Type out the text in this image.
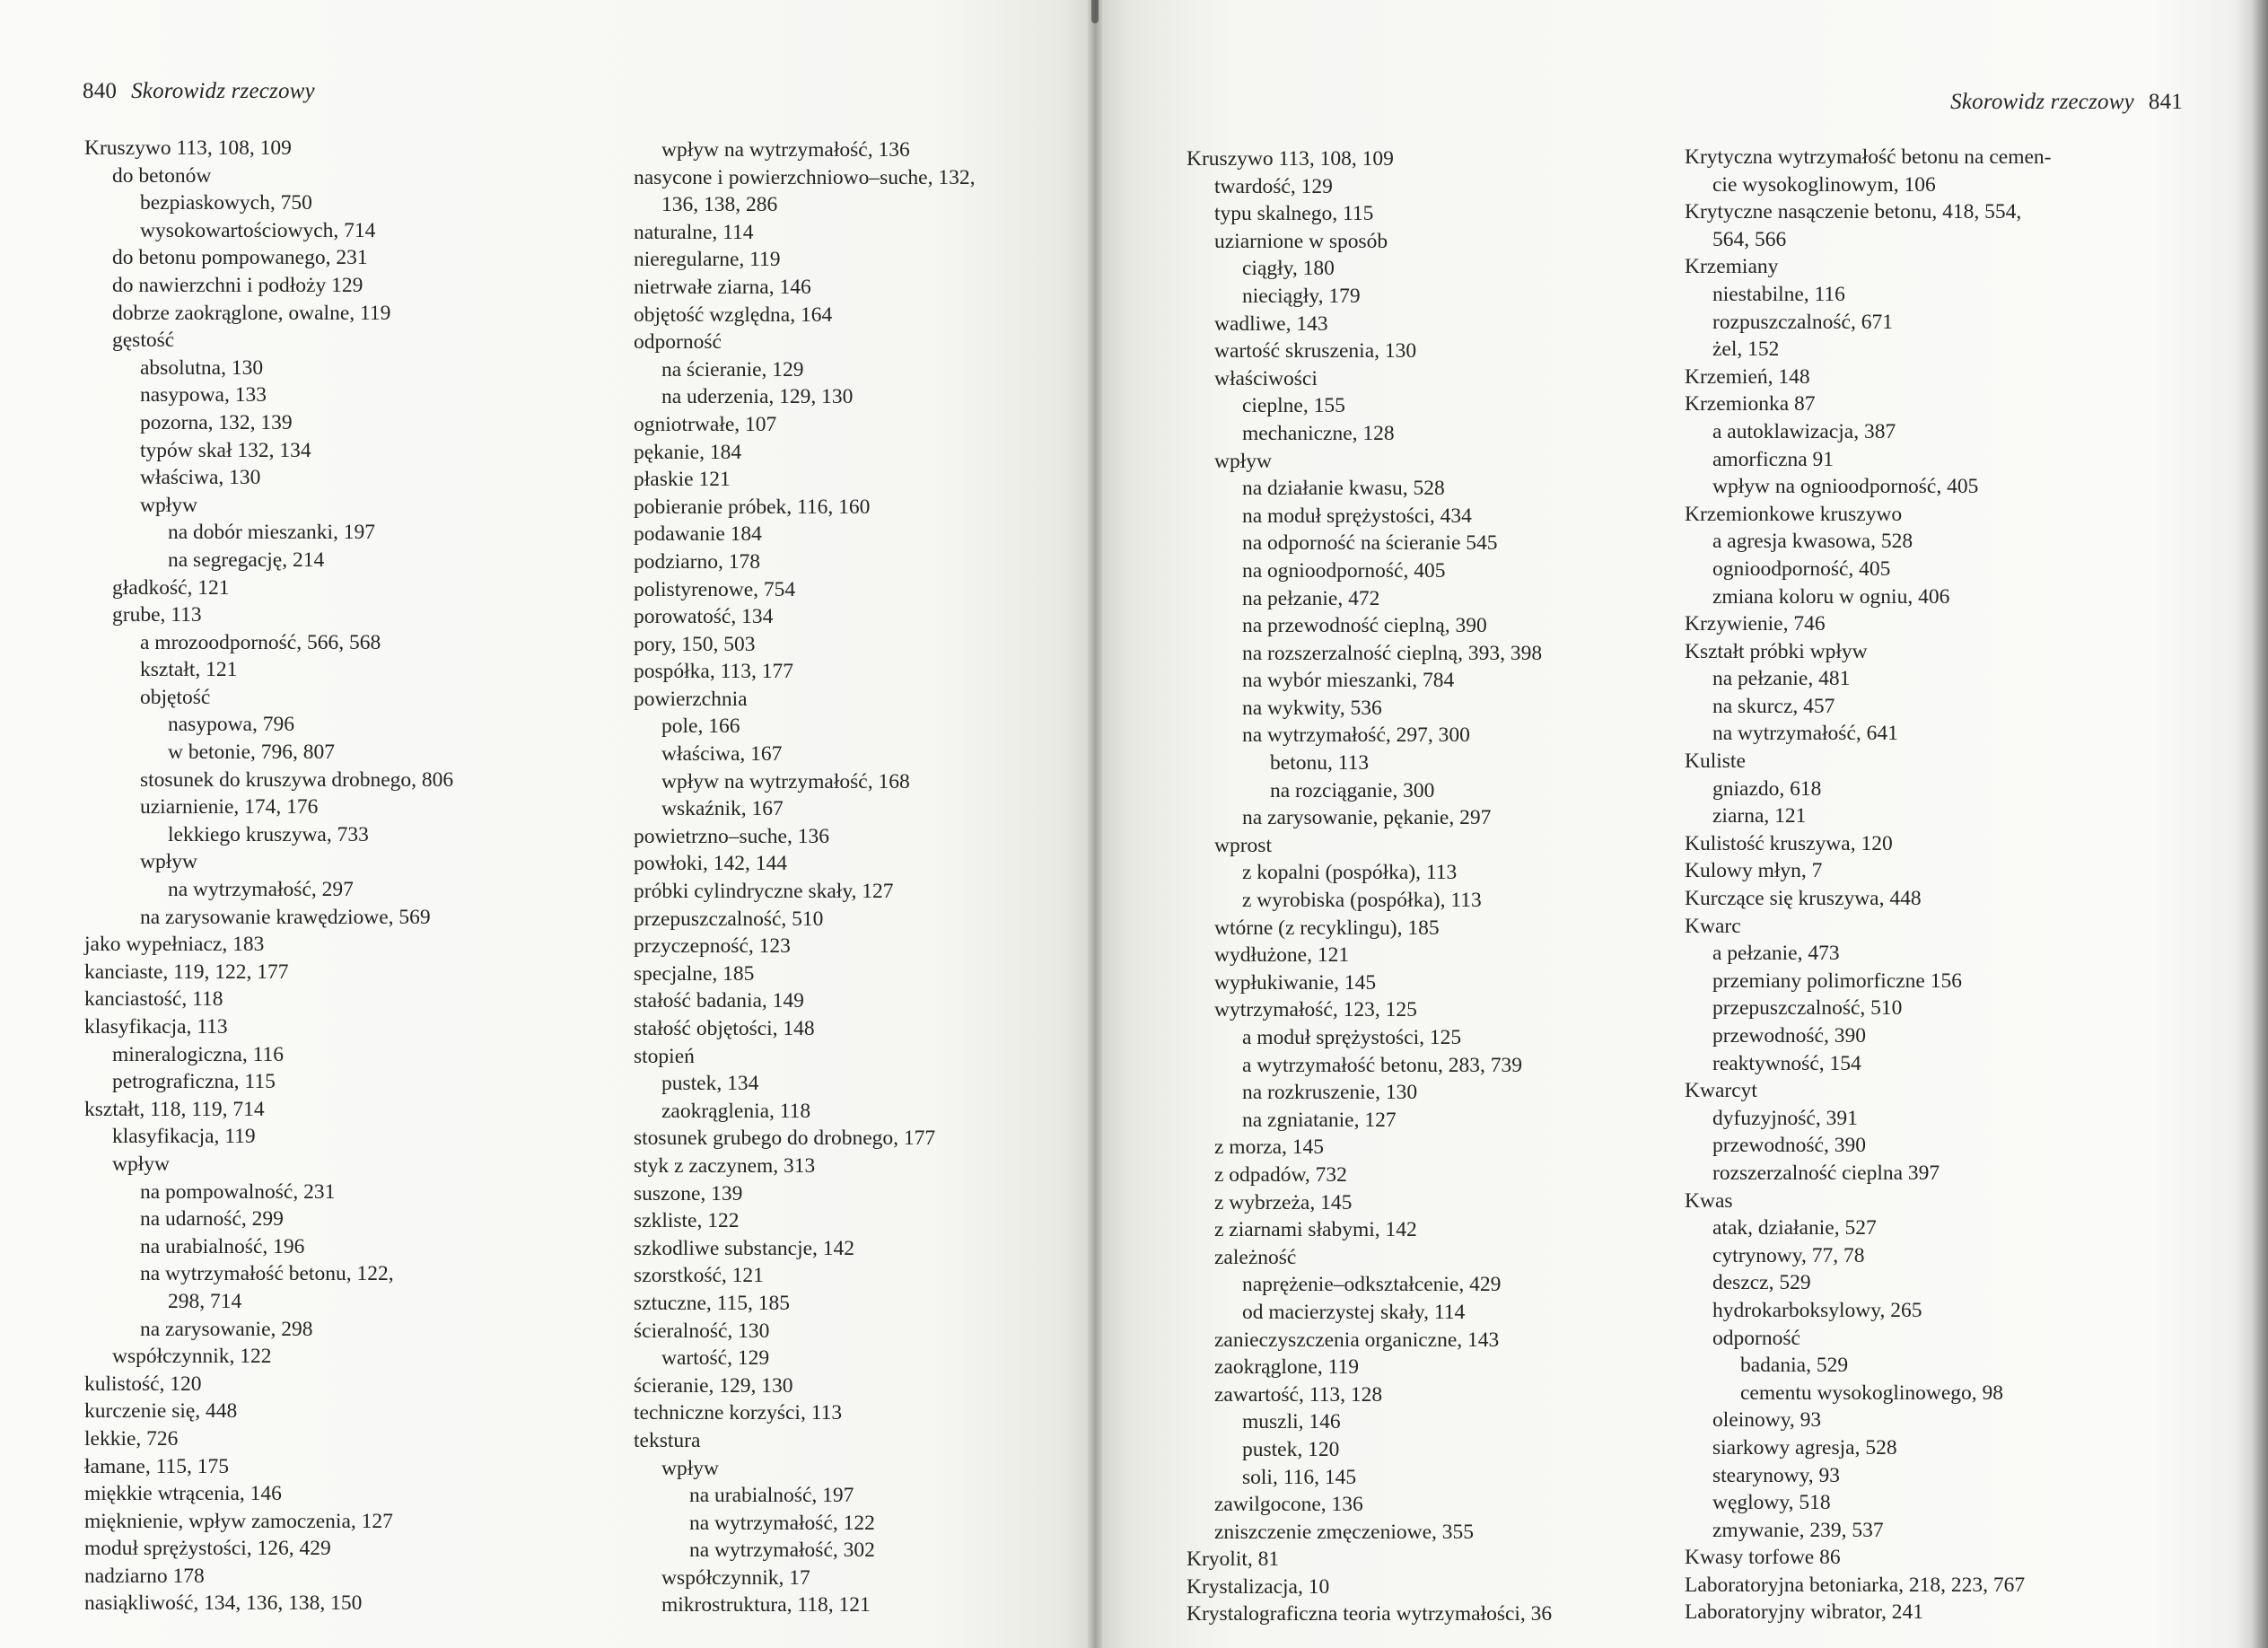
840 Skorowidz rzeczowy
Kruszywo 113, 108, 109
do betonów
bezpiaskowych, 750
wysokowartościowych, 714
do betonu pompowanego, 231
do nawierzchni i podłoży 129
dobrze zaokrąglone, owalne, 119
gęstość
absolutna, 130
nasypowa, 133
pozorna, 132, 139
typów skał 132, 134
właściwa, 130
wpływ
na dobór mieszanki, 197
na segregację, 214
gładkość, 121
grube, 113
a mrozoodporność, 566, 568
kształt, 121
objętość
nasypowa, 796
w betonie, 796, 807
stosunek do kruszywa drobnego, 806
uziarnienie, 174, 176
lekkiego kruszywa, 733
wpływ
na wytrzymałość, 297
na zarysowanie krawędziowe, 569
jako wypełniacz, 183
kanciaste, 119, 122, 177
kanciastość, 118
klasyfikacja, 113
mineralogiczna, 116
petrograficzna, 115
kształt, 118, 119, 714
klasyfikacja, 119
wpływ
na pompowalność, 231
na udarność, 299
na urabialność, 196
na wytrzymałość betonu, 122,
298, 714
na zarysowanie, 298
współczynnik, 122
kulistość, 120
kurczenie się, 448
lekkie, 726
łamane, 115, 175
miękkie wtrącenia, 146
mięknienie, wpływ zamoczenia, 127
moduł sprężystości, 126, 429
nadziarno 178
nasiąkliwość, 134, 136, 138, 150
wpływ na wytrzymałość, 136
nasycone i powierzchniowo–suche, 132,
136, 138, 286
naturalne, 114
nieregularne, 119
nietrwałe ziarna, 146
objętość względna, 164
odporność
na ścieranie, 129
na uderzenia, 129, 130
ogniotrwałe, 107
pękanie, 184
płaskie 121
pobieranie próbek, 116, 160
podawanie 184
podziarno, 178
polistyrenowe, 754
porowatość, 134
pory, 150, 503
pospółka, 113, 177
powierzchnia
pole, 166
właściwa, 167
wpływ na wytrzymałość, 168
wskaźnik, 167
powietrzno–suche, 136
powłoki, 142, 144
próbki cylindryczne skały, 127
przepuszczalność, 510
przyczepność, 123
specjalne, 185
stałość badania, 149
stałość objętości, 148
stopień
pustek, 134
zaokrąglenia, 118
stosunek grubego do drobnego, 177
styk z zaczynem, 313
suszone, 139
szkliste, 122
szkodliwe substancje, 142
szorstkość, 121
sztuczne, 115, 185
ścieralność, 130
wartość, 129
ścieranie, 129, 130
techniczne korzyści, 113
tekstura
wpływ
na urabialność, 197
na wytrzymałość, 122
na wytrzymałość, 302
współczynnik, 17
mikrostruktura, 118, 121
Skorowidz rzeczowy 841
Kruszywo 113, 108, 109
twardość, 129
typu skalnego, 115
uziarnione w sposób
ciągły, 180
nieciągły, 179
wadliwe, 143
wartość skruszenia, 130
właściwości
cieplne, 155
mechaniczne, 128
wpływ
na działanie kwasu, 528
na moduł sprężystości, 434
na odporność na ścieranie 545
na ognioodporność, 405
na pełzanie, 472
na przewodność cieplną, 390
na rozszerzalność cieplną, 393, 398
na wybór mieszanki, 784
na wykwity, 536
na wytrzymałość, 297, 300
betonu, 113
na rozciąganie, 300
na zarysowanie, pękanie, 297
wprost
z kopalni (pospółka), 113
z wyrobiska (pospółka), 113
wtórne (z recyklingu), 185
wydłużone, 121
wypłukiwanie, 145
wytrzymałość, 123, 125
a moduł sprężystości, 125
a wytrzymałość betonu, 283, 739
na rozkruszenie, 130
na zgniatanie, 127
z morza, 145
z odpadów, 732
z wybrzeża, 145
z ziarnami słabymi, 142
zależność
naprężenie–odkształcenie, 429
od macierzystej skały, 114
zanieczyszczenia organiczne, 143
zaokrąglone, 119
zawartość, 113, 128
muszli, 146
pustek, 120
soli, 116, 145
zawilgocone, 136
zniszczenie zmęczeniowe, 355
Kryolit, 81
Krystalizacja, 10
Krystalograficzna teoria wytrzymałości, 36
Krytyczna wytrzymałość betonu na cemen-
cie wysokoglinowym, 106
Krytyczne nasączenie betonu, 418, 554,
564, 566
Krzemiany
niestabilne, 116
rozpuszczalność, 671
żel, 152
Krzemień, 148
Krzemionka 87
a autoklawizacja, 387
amorficzna 91
wpływ na ognioodporność, 405
Krzemionkowe kruszywo
a agresja kwasowa, 528
ognioodporność, 405
zmiana koloru w ogniu, 406
Krzywienie, 746
Kształt próbki wpływ
na pełzanie, 481
na skurcz, 457
na wytrzymałość, 641
Kuliste
gniazdo, 618
ziarna, 121
Kulistość kruszywa, 120
Kulowy młyn, 7
Kurczące się kruszywa, 448
Kwarc
a pełzanie, 473
przemiany polimorficzne 156
przepuszczalność, 510
przewodność, 390
reaktywność, 154
Kwarcyt
dyfuzyjność, 391
przewodność, 390
rozszerzalność cieplna 397
Kwas
atak, działanie, 527
cytrynowy, 77, 78
deszcz, 529
hydrokarboksylowy, 265
odporność
badania, 529
cementu wysokoglinowego, 98
oleinowy, 93
siarkowy agresja, 528
stearynowy, 93
węglowy, 518
zmywanie, 239, 537
Kwasy torfowe 86
Laboratoryjna betoniarka, 218, 223, 767
Laboratoryjny wibrator, 241
